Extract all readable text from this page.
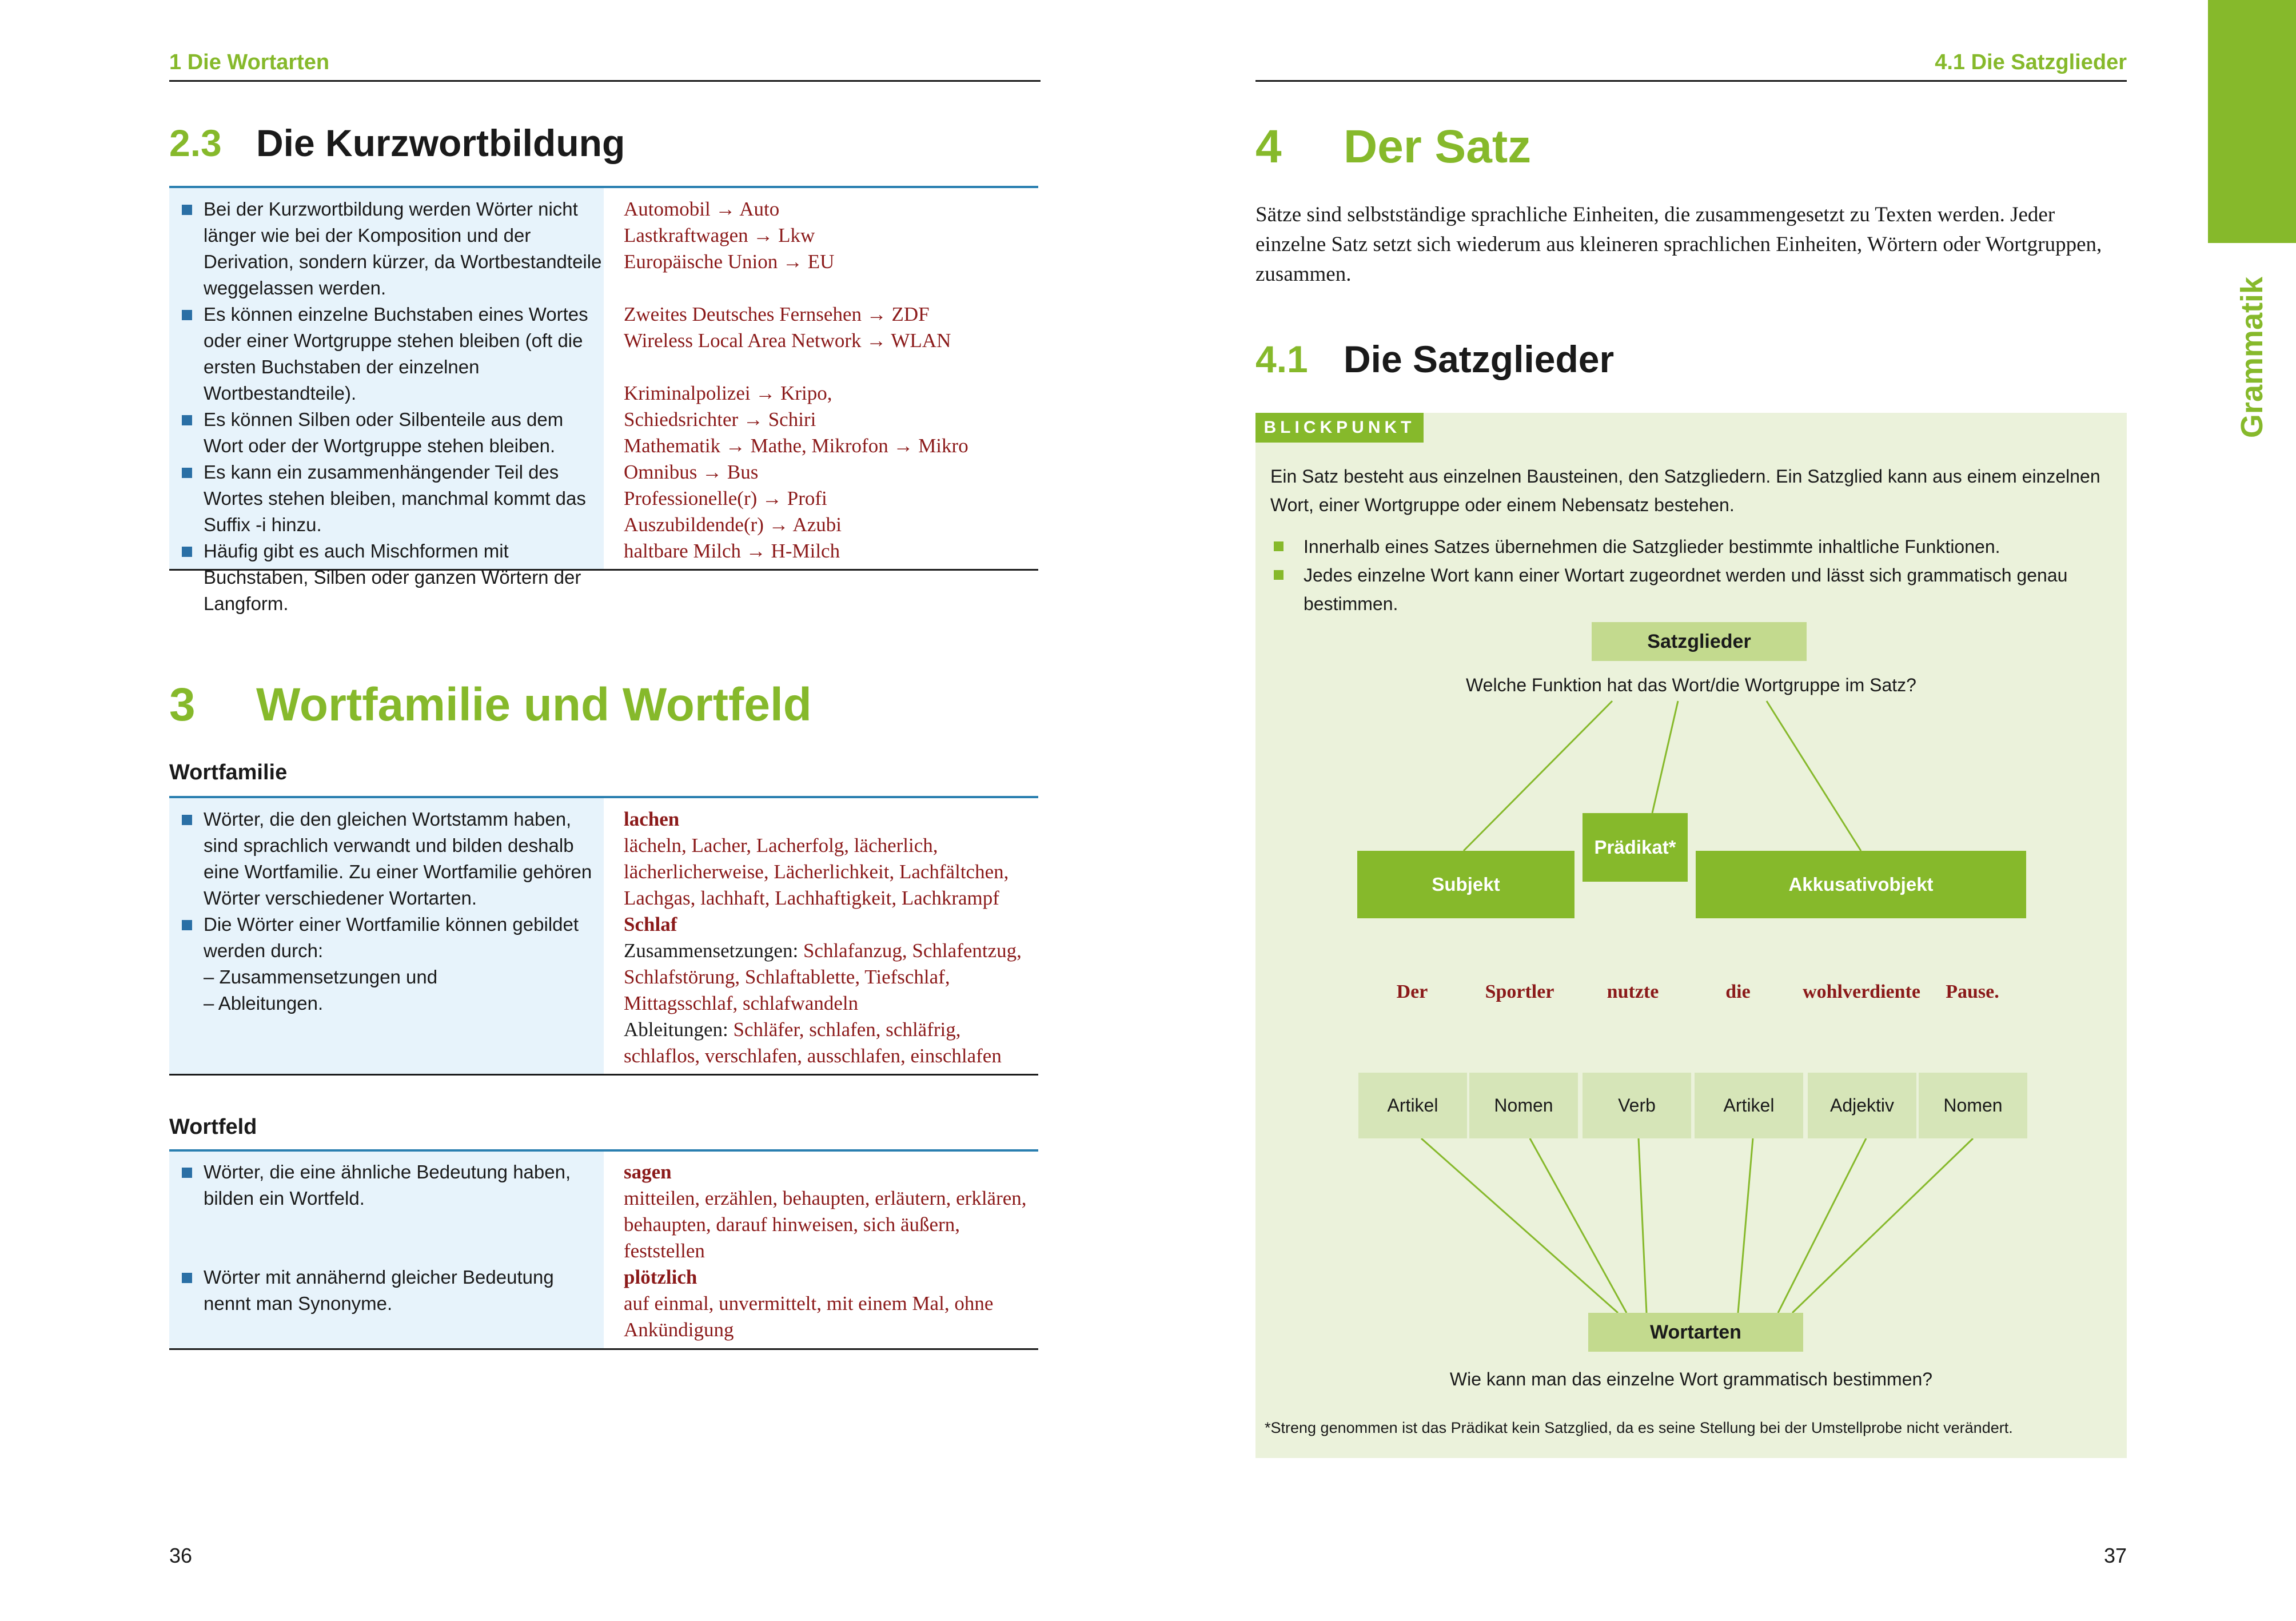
1 Die Wortarten
2.3 Die Kurzwortbildung
Bei der Kurzwortbildung werden Wörter nicht länger wie bei der Komposition und der Derivation, sondern kürzer, da Wortbestandteile weggelassen werden.
Es können einzelne Buchstaben eines Wortes oder einer Wortgruppe stehen bleiben (oft die ersten Buchstaben der einzelnen Wortbestandteile).
Es können Silben oder Silbenteile aus dem Wort oder der Wortgruppe stehen bleiben.
Es kann ein zusammenhängender Teil des Wortes stehen bleiben, manchmal kommt das Suffix -i hinzu.
Häufig gibt es auch Mischformen mit Buchstaben, Silben oder ganzen Wörtern der Langform.
Automobil → Auto
Lastkraftwagen → Lkw
Europäische Union → EU
Zweites Deutsches Fernsehen → ZDF
Wireless Local Area Network → WLAN
Kriminalpolizei → Kripo,
Schiedsrichter → Schiri
Mathematik → Mathe, Mikrofon → Mikro
Omnibus → Bus
Professionelle(r) → Profi
Auszubildende(r) → Azubi
haltbare Milch → H-Milch
3 Wortfamilie und Wortfeld
Wortfamilie
Wörter, die den gleichen Wortstamm haben, sind sprachlich verwandt und bilden deshalb eine Wortfamilie. Zu einer Wortfamilie gehören Wörter verschiedener Wortarten.
Die Wörter einer Wortfamilie können gebildet werden durch:
– Zusammensetzungen und
– Ableitungen.
lachen
lächeln, Lacher, Lacherfolg, lächerlich, lächerlicherweise, Lächerlichkeit, Lachfältchen, Lachgas, lachhaft, Lachhaftigkeit, Lachkrampf
Schlaf
Zusammensetzungen: Schlafanzug, Schlafentzug, Schlafstörung, Schlaftablette, Tiefschlaf, Mittagsschlaf, schlafwandeln
Ableitungen: Schläfer, schlafen, schläfrig, schlaflos, verschlafen, ausschlafen, einschlafen
Wortfeld
Wörter, die eine ähnliche Bedeutung haben, bilden ein Wortfeld.
Wörter mit annähernd gleicher Bedeutung nennt man Synonyme.
sagen
mitteilen, erzählen, behaupten, erläutern, erklären, behaupten, darauf hinweisen, sich äußern, feststellen
plötzlich
auf einmal, unvermittelt, mit einem Mal, ohne Ankündigung
36
4.1 Die Satzglieder
Grammatik
4 Der Satz
Sätze sind selbstständige sprachliche Einheiten, die zusammengesetzt zu Texten werden. Jeder einzelne Satz setzt sich wiederum aus kleineren sprachlichen Einheiten, Wörtern oder Wortgruppen, zusammen.
4.1 Die Satzglieder
BLICKPUNKT
Ein Satz besteht aus einzelnen Bausteinen, den Satzgliedern. Ein Satzglied kann aus einem einzelnen Wort, einer Wortgruppe oder einem Nebensatz bestehen.
Innerhalb eines Satzes übernehmen die Satzglieder bestimmte inhaltliche Funktionen.
Jedes einzelne Wort kann einer Wortart zugeordnet werden und lässt sich grammatisch genau bestimmen.
Satzglieder
Welche Funktion hat das Wort/die Wortgruppe im Satz?
Subjekt
Prädikat*
Akkusativobjekt
Der	Sportler	nutzte	die	wohlverdiente	Pause.
Artikel	Nomen	Verb	Artikel	Adjektiv	Nomen
Wortarten
Wie kann man das einzelne Wort grammatisch bestimmen?
*Streng genommen ist das Prädikat kein Satzglied, da es seine Stellung bei der Umstellprobe nicht verändert.
37
